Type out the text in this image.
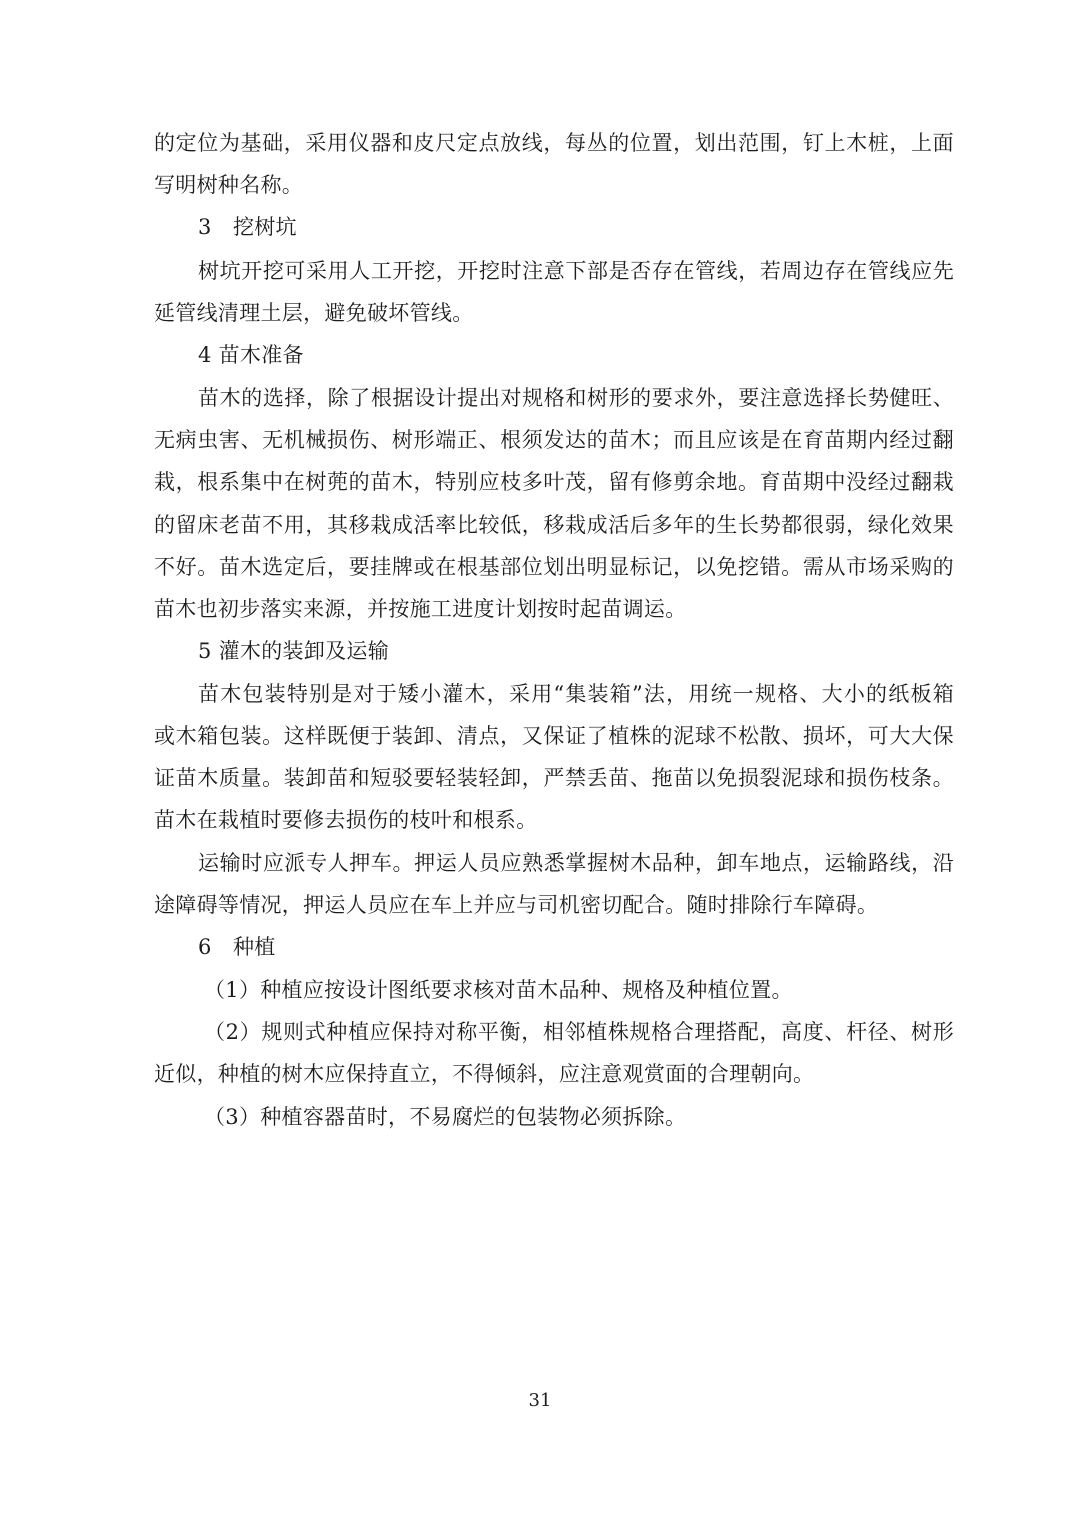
的定位为基础，采用仪器和皮尺定点放线，每丛的位置，划出范围，钉上木桩，上面
写明树种名称。
3　挖树坑
树坑开挖可采用人工开挖，开挖时注意下部是否存在管线，若周边存在管线应先
延管线清理土层，避免破坏管线。
4 苗木准备
苗木的选择，除了根据设计提出对规格和树形的要求外，要注意选择长势健旺、
无病虫害、无机械损伤、树形端正、根须发达的苗木；而且应该是在育苗期内经过翻
栽，根系集中在树蔸的苗木，特别应枝多叶茂，留有修剪余地。育苗期中没经过翻栽
的留床老苗不用，其移栽成活率比较低，移栽成活后多年的生长势都很弱，绿化效果
不好。苗木选定后，要挂牌或在根基部位划出明显标记，以免挖错。需从市场采购的
苗木也初步落实来源，并按施工进度计划按时起苗调运。
5 灌木的装卸及运输
苗木包装特别是对于矮小灌木，采用“集装箱”法，用统一规格、大小的纸板箱
或木箱包装。这样既便于装卸、清点，又保证了植株的泥球不松散、损坏，可大大保
证苗木质量。装卸苗和短驳要轻装轻卸，严禁丢苗、拖苗以免损裂泥球和损伤枝条。
苗木在栽植时要修去损伤的枝叶和根系。
运输时应派专人押车。押运人员应熟悉掌握树木品种，卸车地点，运输路线，沿
途障碍等情况，押运人员应在车上并应与司机密切配合。随时排除行车障碍。
6　种植
（1）种植应按设计图纸要求核对苗木品种、规格及种植位置。
（2）规则式种植应保持对称平衡，相邻植株规格合理搭配，高度、杆径、树形
近似，种植的树木应保持直立，不得倾斜，应注意观赏面的合理朝向。
（3）种植容器苗时，不易腐烂的包装物必须拆除。
31
